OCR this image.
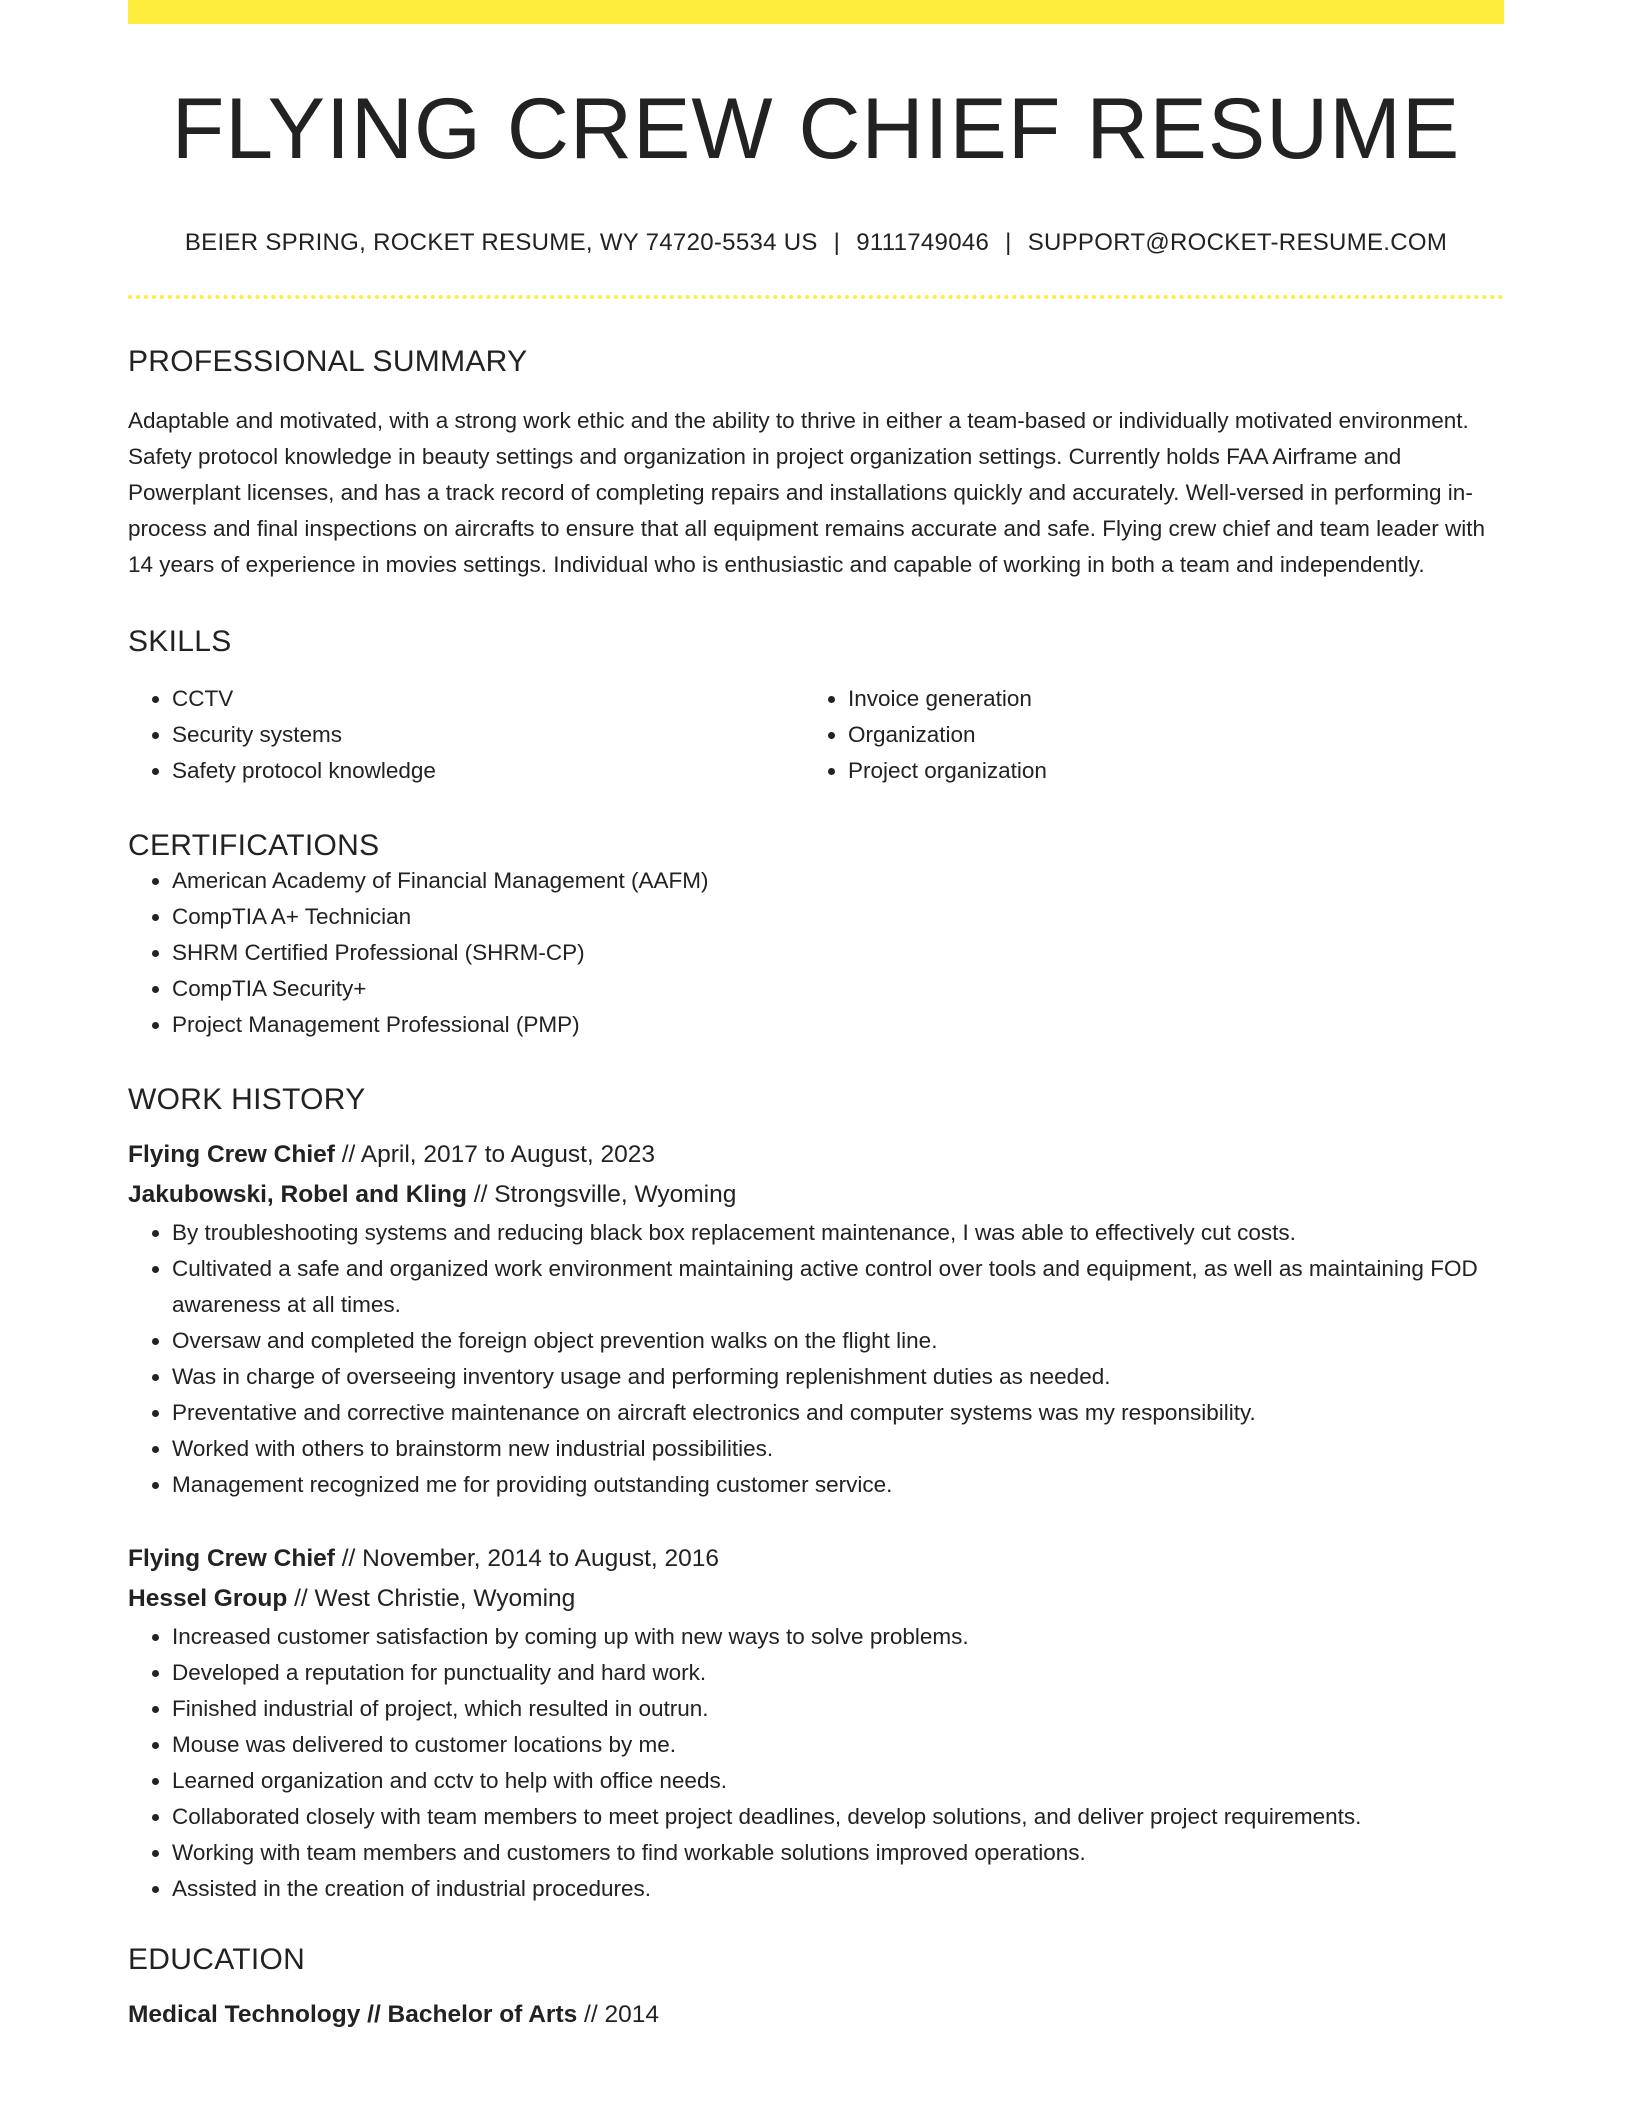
FLYING CREW CHIEF RESUME
BEIER SPRING, ROCKET RESUME, WY 74720-5534 US | 9111749046 | SUPPORT@ROCKET-RESUME.COM
PROFESSIONAL SUMMARY

Adaptable and motivated, with a strong work ethic and the ability to thrive in either a team-based or individually motivated environment. Safety protocol knowledge in beauty settings and organization in project organization settings. Currently holds FAA Airframe and Powerplant licenses, and has a track record of completing repairs and installations quickly and accurately. Well-versed in performing in-process and final inspections on aircrafts to ensure that all equipment remains accurate and safe. Flying crew chief and team leader with 14 years of experience in movies settings. Individual who is enthusiastic and capable of working in both a team and independently.

SKILLS
• CCTV
• Security systems
• Safety protocol knowledge
• Invoice generation
• Organization
• Project organization
CERTIFICATIONS
• American Academy of Financial Management (AAFM)
• CompTIA A+ Technician
• SHRM Certified Professional (SHRM-CP)
• CompTIA Security+
• Project Management Professional (PMP)
WORK HISTORY
Flying Crew Chief // April, 2017 to August, 2023
Jakubowski, Robel and Kling // Strongsville, Wyoming
• By troubleshooting systems and reducing black box replacement maintenance, I was able to effectively cut costs.
• Cultivated a safe and organized work environment maintaining active control over tools and equipment, as well as maintaining FOD awareness at all times.
• Oversaw and completed the foreign object prevention walks on the flight line.
• Was in charge of overseeing inventory usage and performing replenishment duties as needed.
• Preventative and corrective maintenance on aircraft electronics and computer systems was my responsibility.
• Worked with others to brainstorm new industrial possibilities.
• Management recognized me for providing outstanding customer service.
Flying Crew Chief // November, 2014 to August, 2016
Hessel Group // West Christie, Wyoming
• Increased customer satisfaction by coming up with new ways to solve problems.
• Developed a reputation for punctuality and hard work.
• Finished industrial of project, which resulted in outrun.
• Mouse was delivered to customer locations by me.
• Learned organization and cctv to help with office needs.
• Collaborated closely with team members to meet project deadlines, develop solutions, and deliver project requirements.
• Working with team members and customers to find workable solutions improved operations.
• Assisted in the creation of industrial procedures.
EDUCATION
Medical Technology // Bachelor of Arts // 2014
